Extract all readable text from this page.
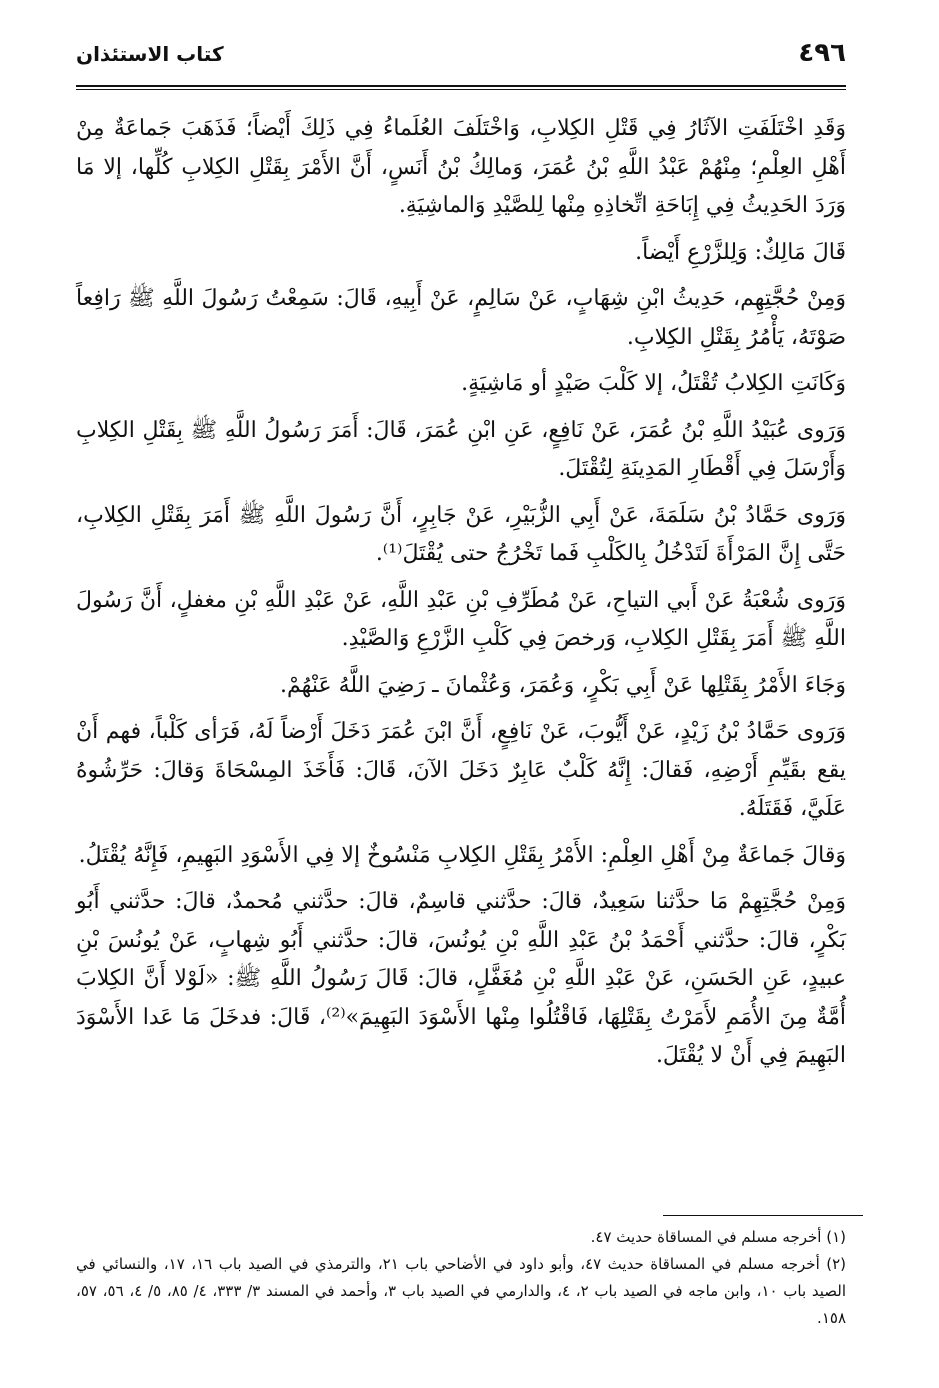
٤٩٦
كتاب الاستئذان

وَقَدِ اخْتَلَفَتِ الآثَارُ فِي قَتْلِ الكِلابِ، وَاخْتَلَفَ العُلَماءُ فِي ذَلِكَ أَيْضاً؛ فَذَهَبَ جَماعَةٌ مِنْ أَهْلِ العِلْمِ؛ مِنْهُمْ عَبْدُ اللَّهِ بْنُ عُمَرَ، وَمالِكُ بْنُ أَنَسٍ، أَنَّ الأَمْرَ بِقَتْلِ الكِلابِ كُلِّها، إلا مَا وَرَدَ الحَدِيثُ فِي إِبَاحَةِ اتِّخاذِهِ مِنْها لِلصَّيْدِ وَالماشِيَةِ.

قَالَ مَالِكٌ: وَلِلزَّرْعِ أَيْضاً.

وَمِنْ حُجَّتِهِم، حَدِيثُ ابْنِ شِهَابٍ، عَنْ سَالِمٍ، عَنْ أَبِيهِ، قَالَ: سَمِعْتُ رَسُولَ اللَّهِ ﷺ رَافِعاً صَوْتَهُ، يَأْمُرُ بِقَتْلِ الكِلابِ.

وَكَانَتِ الكِلابُ تُقْتَلُ، إلا كَلْبَ صَيْدٍ أو مَاشِيَةٍ.

وَرَوى عُبَيْدُ اللَّهِ بْنُ عُمَرَ، عَنْ نَافِعٍ، عَنِ ابْنِ عُمَرَ، قَالَ: أَمَرَ رَسُولُ اللَّهِ ﷺ بِقَتْلِ الكِلابِ وَأَرْسَلَ فِي أَقْطَارِ المَدِينَةِ لِتُقْتَلَ.

وَرَوى حَمَّادُ بْنُ سَلَمَةَ، عَنْ أَبِي الزُّبَيْرِ، عَنْ جَابِرٍ، أَنَّ رَسُولَ اللَّهِ ﷺ أَمَرَ بِقَتْلِ الكِلابِ، حَتَّى إِنَّ المَرْأَةَ لَتَدْخُلُ بِالكَلْبِ فَما تَخْرُجُ حتى يُقْتَلَ⁽¹⁾.

وَرَوى شُعْبَةُ عَنْ أَبي التياحِ، عَنْ مُطَرِّفِ بْنِ عَبْدِ اللَّهِ، عَنْ عَبْدِ اللَّهِ بْنِ مغفلٍ، أَنَّ رَسُولَ اللَّهِ ﷺ أَمَرَ بِقَتْلِ الكِلابِ، وَرخصَ فِي كَلْبِ الزَّرْعِ وَالصَّيْدِ.

وَجَاءَ الأَمْرُ بِقَتْلِها عَنْ أَبِي بَكْرٍ، وَعُمَرَ، وَعُثْمانَ ـ رَضِيَ اللَّهُ عَنْهُمْ.

وَرَوى حَمَّادُ بْنُ زَيْدٍ، عَنْ أَيُّوبَ، عَنْ نَافِعٍ، أَنَّ ابْنَ عُمَرَ دَخَلَ أَرْضاً لَهُ، فَرَأى كَلْباً، فهم أَنْ يقع بقَيِّمِ أَرْضِهِ، فَقالَ: إِنَّهُ كَلْبٌ عَابِرٌ دَخَلَ الآنَ، قَالَ: فَأَخَذَ المِسْحَاةَ وَقالَ: حَرِّشُوهُ عَلَيَّ، فَقَتَلَهُ.

وَقالَ جَماعَةٌ مِنْ أَهْلِ العِلْمِ: الأَمْرُ بِقَتْلِ الكِلابِ مَنْسُوخٌ إلا فِي الأَسْوَدِ البَهِيمِ، فَإِنَّهُ يُقْتَلُ.

وَمِنْ حُجَّتِهِمْ مَا حدَّثنا سَعِيدٌ، قالَ: حدَّثني قاسِمٌ، قالَ: حدَّثني مُحمدٌ، قالَ: حدَّثني أَبُو بَكْرٍ، قالَ: حدَّثني أَحْمَدُ بْنُ عَبْدِ اللَّهِ بْنِ يُونُسَ، قالَ: حدَّثني أَبُو شِهابٍ، عَنْ يُونُسَ بْنِ عبيدٍ، عَنِ الحَسَنِ، عَنْ عَبْدِ اللَّهِ بْنِ مُغَفَّلٍ، قالَ: قَالَ رَسُولُ اللَّهِ ﷺ: «لَوْلا أَنَّ الكِلابَ أُمَّةٌ مِنَ الأُمَمِ لأَمَرْتُ بِقَتْلِهَا، فَاقْتُلُوا مِنْها الأَسْوَدَ البَهِيمَ»⁽²⁾، قَالَ: فدخَلَ مَا عَدا الأَسْوَدَ البَهِيمَ فِي أَنْ لا يُقْتَلَ.

(١) أخرجه مسلم في المساقاة حديث ٤٧.

(٢) أخرجه مسلم في المساقاة حديث ٤٧، وأبو داود في الأضاحي باب ٢١، والترمذي في الصيد باب ١٦، ١٧، والنسائي في الصيد باب ١٠، وابن ماجه في الصيد باب ٢، ٤، والدارمي في الصيد باب ٣، وأحمد في المسند ٣/ ٣٣٣، ٤/ ٨٥، ٥/ ٤، ٥٦، ٥٧، ١٥٨.
